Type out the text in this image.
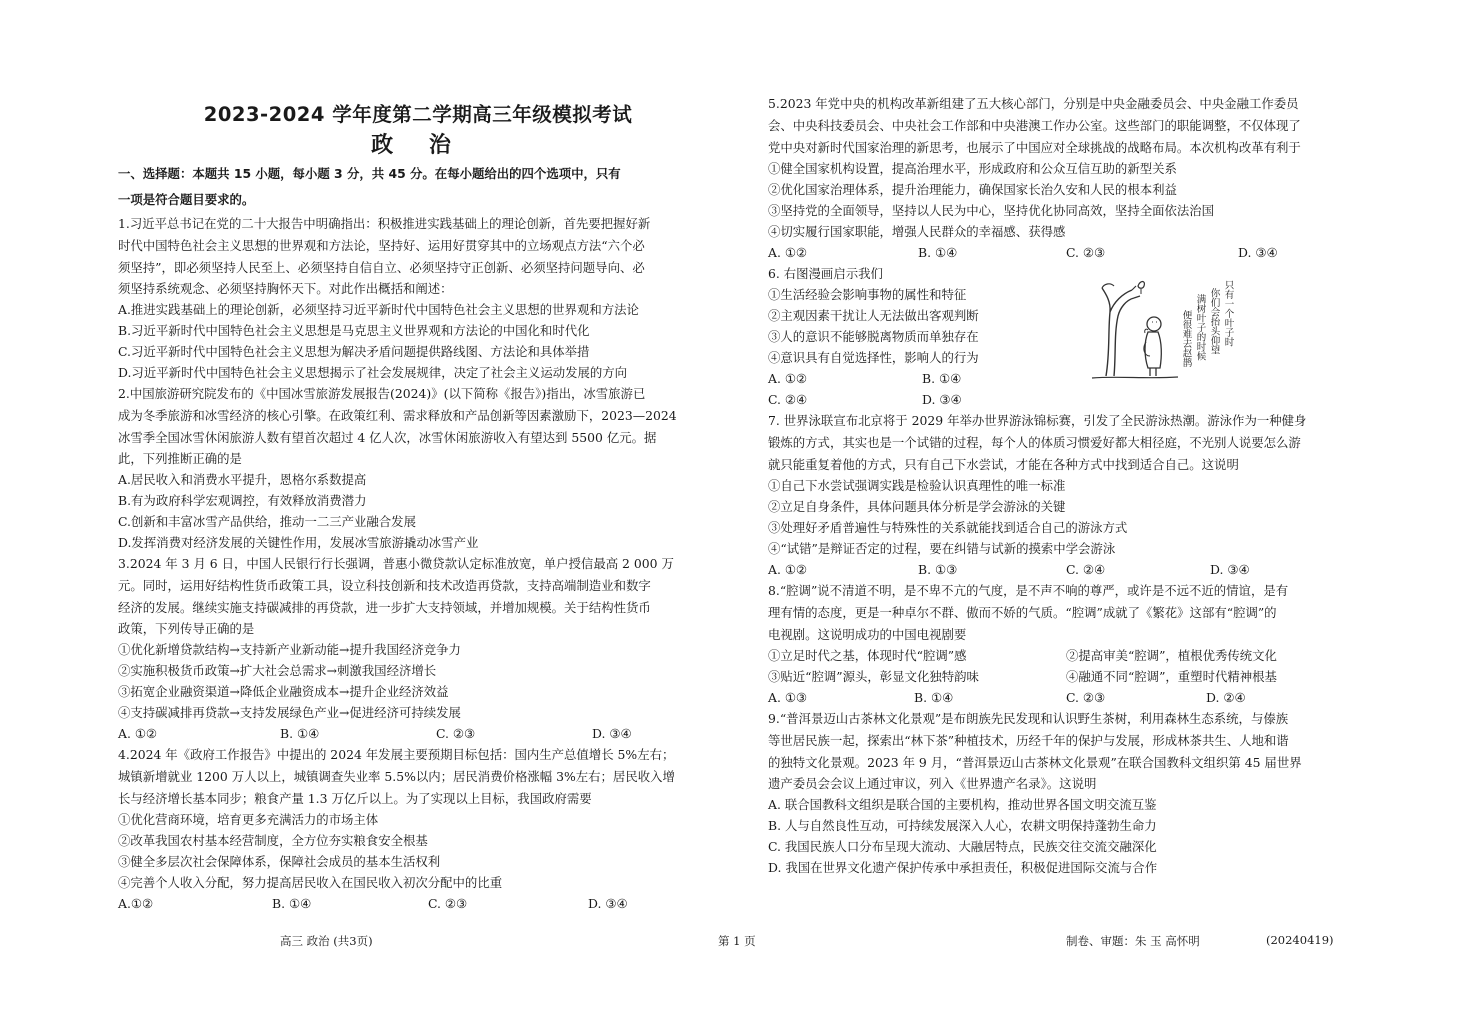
2023-2024 学年度第二学期高三年级模拟考试
政 治
一、选择题：本题共 15 小题，每小题 3 分，共 45 分。在每小题给出的四个选项中，只有
一项是符合题目要求的。
1.习近平总书记在党的二十大报告中明确指出：积极推进实践基础上的理论创新，首先要把握好新
时代中国特色社会主义思想的世界观和方法论，坚持好、运用好贯穿其中的立场观点方法“六个必
须坚持”，即必须坚持人民至上、必须坚持自信自立、必须坚持守正创新、必须坚持问题导向、必
须坚持系统观念、必须坚持胸怀天下。对此作出概括和阐述：
A.推进实践基础上的理论创新，必须坚持习近平新时代中国特色社会主义思想的世界观和方法论
B.习近平新时代中国特色社会主义思想是马克思主义世界观和方法论的中国化和时代化
C.习近平新时代中国特色社会主义思想为解决矛盾问题提供路线图、方法论和具体举措
D.习近平新时代中国特色社会主义思想揭示了社会发展规律，决定了社会主义运动发展的方向
2.中国旅游研究院发布的《中国冰雪旅游发展报告(2024)》(以下简称《报告》)指出，冰雪旅游已
成为冬季旅游和冰雪经济的核心引擎。在政策红利、需求释放和产品创新等因素激励下，2023—2024
冰雪季全国冰雪休闲旅游人数有望首次超过 4 亿人次，冰雪休闲旅游收入有望达到 5500 亿元。据
此，下列推断正确的是
A.居民收入和消费水平提升，恩格尔系数提高
B.有为政府科学宏观调控，有效释放消费潜力
C.创新和丰富冰雪产品供给，推动一二三产业融合发展
D.发挥消费对经济发展的关键性作用，发展冰雪旅游撬动冰雪产业
3.2024 年 3 月 6 日，中国人民银行行长强调，普惠小微贷款认定标准放宽，单户授信最高 2 000 万
元。同时，运用好结构性货币政策工具，设立科技创新和技术改造再贷款，支持高端制造业和数字
经济的发展。继续实施支持碳减排的再贷款，进一步扩大支持领域，并增加规模。关于结构性货币
政策，下列传导正确的是
①优化新增贷款结构→支持新产业新动能→提升我国经济竞争力
②实施积极货币政策→扩大社会总需求→刺激我国经济增长
③拓宽企业融资渠道→降低企业融资成本→提升企业经济效益
④支持碳减排再贷款→支持发展绿色产业→促进经济可持续发展
A. ①②	B. ①④	C. ②③	D. ③④
4.2024 年《政府工作报告》中提出的 2024 年发展主要预期目标包括：国内生产总值增长 5%左右；
城镇新增就业 1200 万人以上，城镇调查失业率 5.5%以内；居民消费价格涨幅 3%左右；居民收入增
长与经济增长基本同步；粮食产量 1.3 万亿斤以上。为了实现以上目标，我国政府需要
①优化营商环境，培育更多充满活力的市场主体
②改革我国农村基本经营制度，全方位夯实粮食安全根基
③健全多层次社会保障体系，保障社会成员的基本生活权利
④完善个人收入分配，努力提高居民收入在国民收入初次分配中的比重
A.①②	B. ①④	C. ②③	D. ③④
5.2023 年党中央的机构改革新组建了五大核心部门，分别是中央金融委员会、中央金融工作委员
会、中央科技委员会、中央社会工作部和中央港澳工作办公室。这些部门的职能调整，不仅体现了
党中央对新时代国家治理的新思考，也展示了中国应对全球挑战的战略布局。本次机构改革有利于
①健全国家机构设置，提高治理水平，形成政府和公众互信互助的新型关系
②优化国家治理体系，提升治理能力，确保国家长治久安和人民的根本利益
③坚持党的全面领导，坚持以人民为中心，坚持优化协同高效，坚持全面依法治国
④切实履行国家职能，增强人民群众的幸福感、获得感
A. ①②	B. ①④	C. ②③	D. ③④
6. 右图漫画启示我们
①生活经验会影响事物的属性和特征
②主观因素干扰让人无法做出客观判断
③人的意识不能够脱离物质而单独存在
④意识具有自觉选择性，影响人的行为
A. ①②	B. ①④
C. ②④	D. ③④
只有一个叶子时
你们会抬头仰望
满树叶子的时候
便很难去赵鹊
7. 世界泳联宣布北京将于 2029 年举办世界游泳锦标赛，引发了全民游泳热潮。游泳作为一种健身
锻炼的方式，其实也是一个试错的过程，每个人的体质习惯爱好都大相径庭，不光别人说要怎么游
就只能重复着他的方式，只有自己下水尝试，才能在各种方式中找到适合自己。这说明
①自己下水尝试强调实践是检验认识真理性的唯一标准
②立足自身条件，具体问题具体分析是学会游泳的关键
③处理好矛盾普遍性与特殊性的关系就能找到适合自己的游泳方式
④“试错”是辩证否定的过程，要在纠错与试新的摸索中学会游泳
A. ①②	B. ①③	C. ②④	D. ③④
8.“腔调”说不清道不明，是不卑不亢的气度，是不声不响的尊严，或许是不远不近的情谊，是有
理有情的态度，更是一种卓尔不群、傲而不娇的气质。“腔调”成就了《繁花》这部有“腔调”的
电视剧。这说明成功的中国电视剧要
①立足时代之基，体现时代“腔调”感	②提高审美“腔调”，植根优秀传统文化
③贴近“腔调”源头，彰显文化独特韵味	④融通不同“腔调”，重塑时代精神根基
A. ①③	B. ①④	C. ②③	D. ②④
9.“普洱景迈山古茶林文化景观”是布朗族先民发现和认识野生茶树，利用森林生态系统，与傣族
等世居民族一起，探索出“林下茶”种植技术，历经千年的保护与发展，形成林茶共生、人地和谐
的独特文化景观。2023 年 9 月，“普洱景迈山古茶林文化景观”在联合国教科文组织第 45 届世界
遗产委员会会议上通过审议，列入《世界遗产名录》。这说明
A. 联合国教科文组织是联合国的主要机构，推动世界各国文明交流互鉴
B. 人与自然良性互动，可持续发展深入人心，农耕文明保持蓬勃生命力
C. 我国民族人口分布呈现大流动、大融居特点，民族交往交流交融深化
D. 我国在世界文化遗产保护传承中承担责任，积极促进国际交流与合作
高三 政治 (共3页)	第 1 页	制卷、审题：朱 玉 高怀明	(20240419)
